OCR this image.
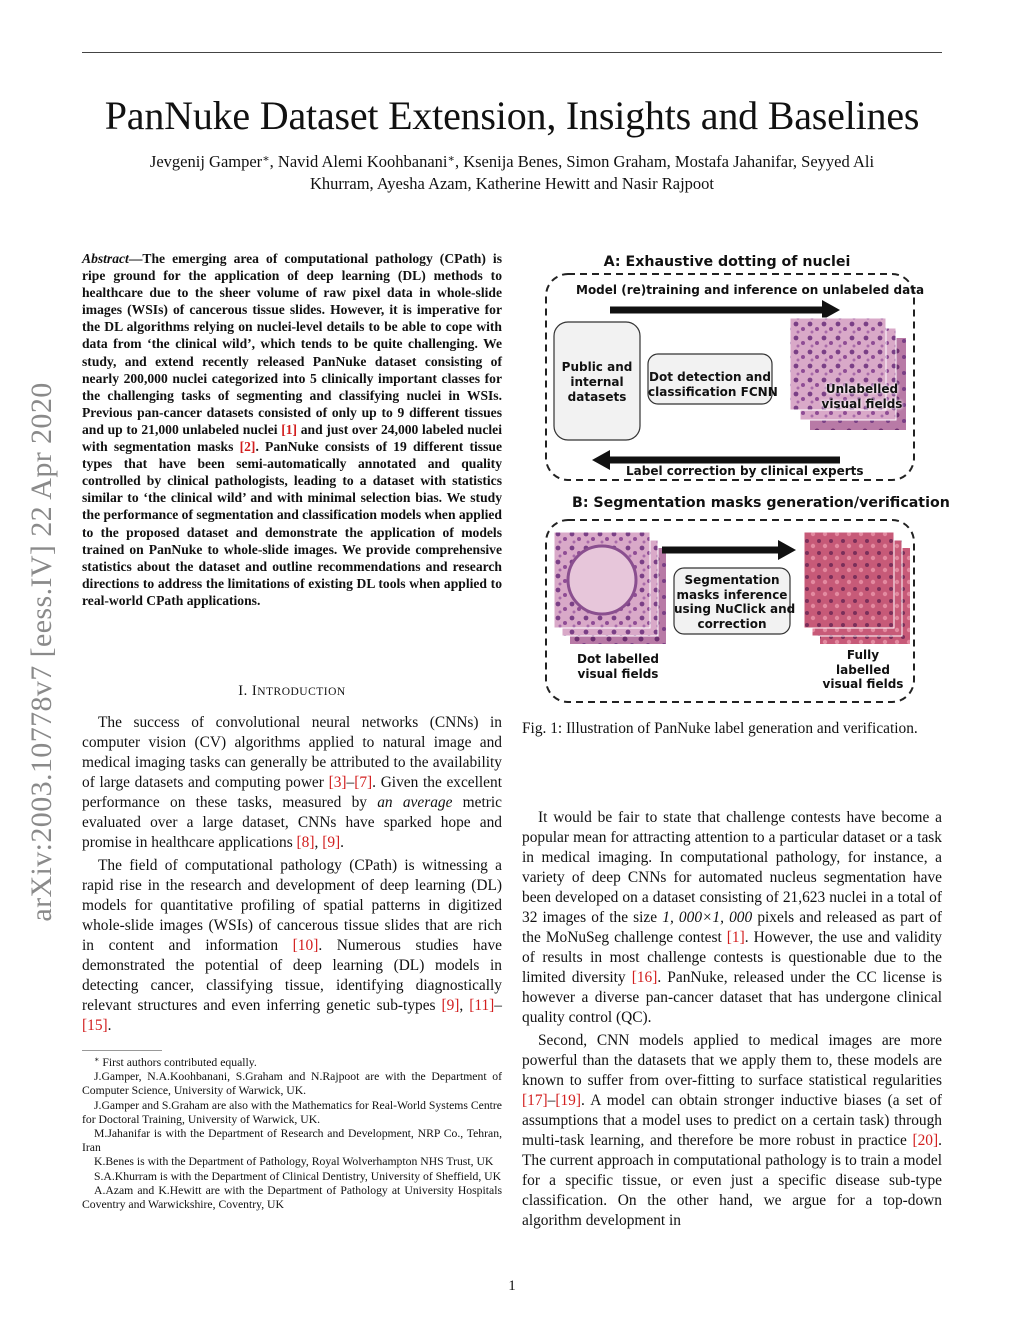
PanNuke Dataset Extension, Insights and Baselines
Jevgenij Gamper∗, Navid Alemi Koohbanani∗, Ksenija Benes, Simon Graham, Mostafa Jahanifar, Seyyed Ali
Khurram, Ayesha Azam, Katherine Hewitt and Nasir Rajpoot
arXiv:2003.10778v7 [eess.IV] 22 Apr 2020
Abstract—The emerging area of computational pathology (CPath) is ripe ground for the application of deep learning (DL) methods to healthcare due to the sheer volume of raw pixel data in whole-slide images (WSIs) of cancerous tissue slides. However, it is imperative for the DL algorithms relying on nuclei-level details to be able to cope with data from ‘the clinical wild’, which tends to be quite challenging. We study, and extend recently released PanNuke dataset consisting of nearly 200,000 nuclei categorized into 5 clinically important classes for the challenging tasks of segmenting and classifying nuclei in WSIs. Previous pan-cancer datasets consisted of only up to 9 different tissues and up to 21,000 unlabeled nuclei [1] and just over 24,000 labeled nuclei with segmentation masks [2]. PanNuke consists of 19 different tissue types that have been semi-automatically annotated and quality controlled by clinical pathologists, leading to a dataset with statistics similar to ‘the clinical wild’ and with minimal selection bias. We study the performance of segmentation and classification models when applied to the proposed dataset and demonstrate the application of models trained on PanNuke to whole-slide images. We provide comprehensive statistics about the dataset and outline recommendations and research directions to address the limitations of existing DL tools when applied to real-world CPath applications.
I. INTRODUCTION

The success of convolutional neural networks (CNNs) in computer vision (CV) algorithms applied to natural image and medical imaging tasks can generally be attributed to the availability of large datasets and computing power [3]–[7]. Given the excellent performance on these tasks, measured by an average metric evaluated over a large dataset, CNNs have sparked hope and promise in healthcare applications [8], [9].

The field of computational pathology (CPath) is witnessing a rapid rise in the research and development of deep learning (DL) models for quantitative profiling of spatial patterns in digitized whole-slide images (WSIs) of cancerous tissue slides that are rich in content and information [10]. Numerous studies have demonstrated the potential of deep learning (DL) models in detecting cancer, classifying tissue, identifying diagnostically relevant structures and even inferring genetic sub-types [9], [11]–[15].

∗ First authors contributed equally.

J.Gamper, N.A.Koohbanani, S.Graham and N.Rajpoot are with the Department of Computer Science, University of Warwick, UK.

J.Gamper and S.Graham are also with the Mathematics for Real-World Systems Centre for Doctoral Training, University of Warwick, UK.

M.Jahanifar is with the Department of Research and Development, NRP Co., Tehran, Iran

K.Benes is with the Department of Pathology, Royal Wolverhampton NHS Trust, UK

S.A.Khurram is with the Department of Clinical Dentistry, University of Sheffield, UK

A.Azam and K.Hewitt are with the Department of Pathology at University Hospitals Coventry and Warwickshire, Coventry, UK

A: Exhaustive dotting of nuclei
Model (re)training and inference on unlabeled data
Public and
internal
datasets
Dot detection and
classification FCNN	Unlabelled
visual fields
Label correction by clinical experts
B: Segmentation masks generation/verification
Segmentation
masks inference
using NuClick and
correction
Dot labelled
visual fields
Fully
labelled
visual fields
Fig. 1: Illustration of PanNuke label generation and verification.

It would be fair to state that challenge contests have become a popular mean for attracting attention to a particular dataset or a task in medical imaging. In computational pathology, for instance, a variety of deep CNNs for automated nucleus segmentation have been developed on a dataset consisting of 21,623 nuclei in a total of 32 images of the size 1, 000×1, 000 pixels and released as part of the MoNuSeg challenge contest [1]. However, the use and validity of results in most challenge contests is questionable due to the limited diversity [16]. PanNuke, released under the CC license is however a diverse pan-cancer dataset that has undergone clinical quality control (QC).

Second, CNN models applied to medical images are more powerful than the datasets that we apply them to, these models are known to suffer from over-fitting to surface statistical regularities [17]–[19]. A model can obtain stronger inductive biases (a set of assumptions that a model uses to predict on a certain task) through multi-task learning, and therefore be more robust in practice [20]. The current approach in computational pathology is to train a model for a specific tissue, or even just a specific disease sub-type classification. On the other hand, we argue for a top-down algorithm development in

1
